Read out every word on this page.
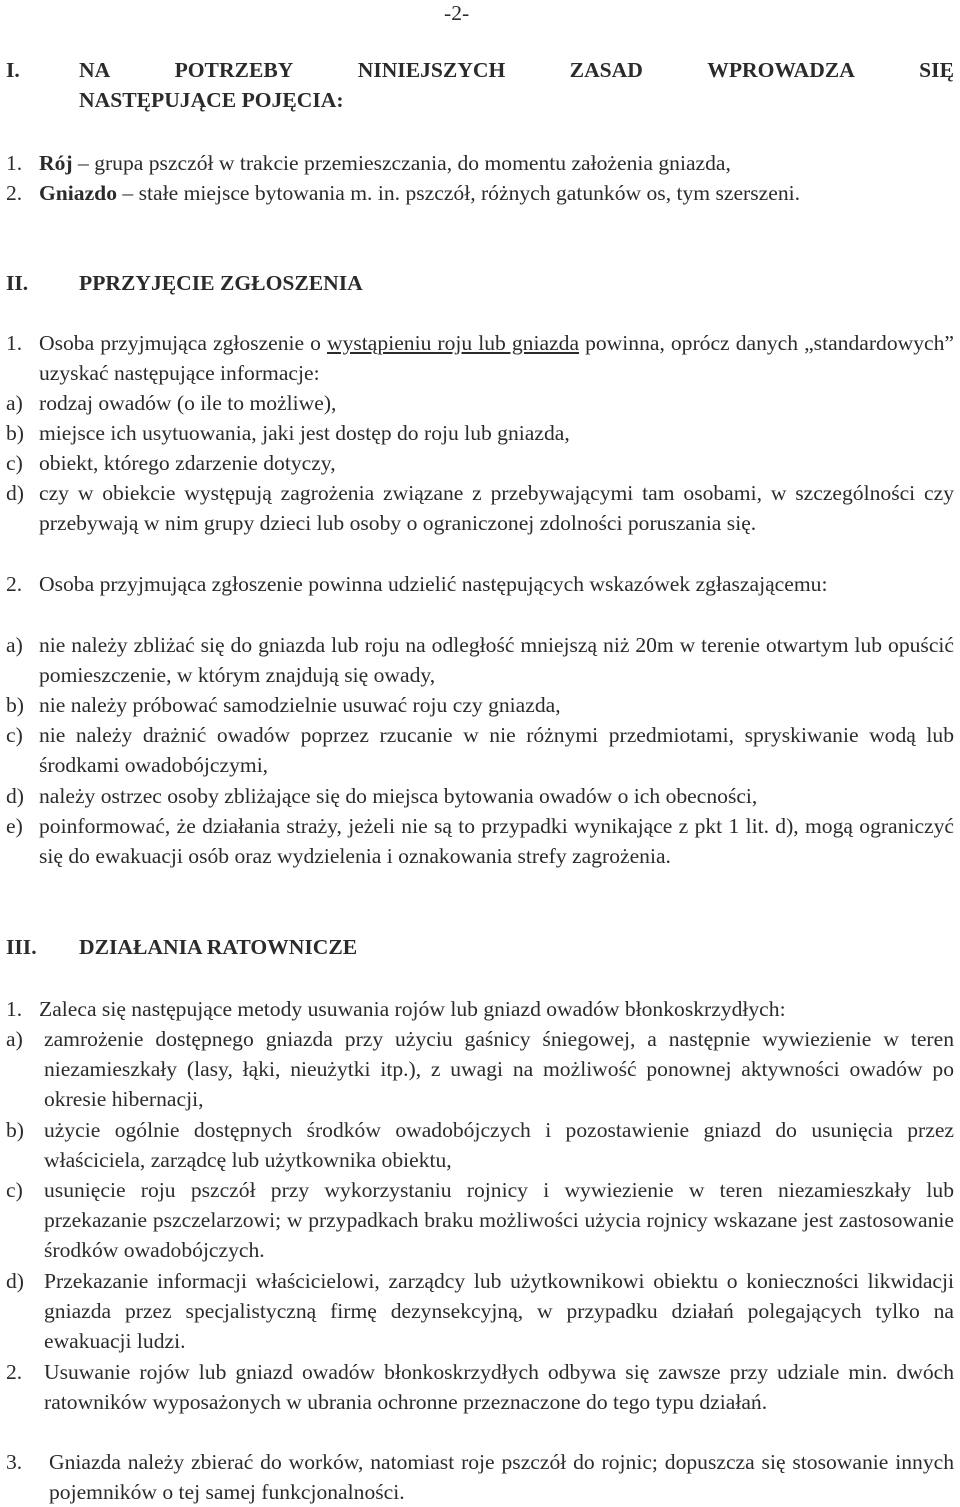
-2-
I.	NA	POTRZEBY	NINIEJSZYCH	ZASAD	WPROWADZA	SIĘ
NASTĘPUJĄCE POJĘCIA:
1. Rój – grupa pszczół w trakcie przemieszczania, do momentu założenia gniazda,
2. Gniazdo – stałe miejsce bytowania m. in. pszczół, różnych gatunków os, tym szerszeni.
II. PPRZYJĘCIE ZGŁOSZENIA
1. Osoba przyjmująca zgłoszenie o wystąpieniu roju lub gniazda powinna, oprócz danych „standardowych” uzyskać następujące informacje:
a) rodzaj owadów (o ile to możliwe),
b) miejsce ich usytuowania, jaki jest dostęp do roju lub gniazda,
c) obiekt, którego zdarzenie dotyczy,
d) czy w obiekcie występują zagrożenia związane z przebywającymi tam osobami, w szczególności czy przebywają w nim grupy dzieci lub osoby o ograniczonej zdolności poruszania się.
2. Osoba przyjmująca zgłoszenie powinna udzielić następujących wskazówek zgłaszającemu:
a) nie należy zbliżać się do gniazda lub roju na odległość mniejszą niż 20m w terenie otwartym lub opuścić pomieszczenie, w którym znajdują się owady,
b) nie należy próbować samodzielnie usuwać roju czy gniazda,
c) nie należy drażnić owadów poprzez rzucanie w nie różnymi przedmiotami, spryskiwanie wodą lub środkami owadobójczymi,
d) należy ostrzec osoby zbliżające się do miejsca bytowania owadów o ich obecności,
e) poinformować, że działania straży, jeżeli nie są to przypadki wynikające z pkt 1 lit. d), mogą ograniczyć się do ewakuacji osób oraz wydzielenia i oznakowania strefy zagrożenia.
III. DZIAŁANIA RATOWNICZE
1. Zaleca się następujące metody usuwania rojów lub gniazd owadów błonkoskrzydłych:
a) zamrożenie dostępnego gniazda przy użyciu gaśnicy śniegowej, a następnie wywiezienie w teren niezamieszkały (lasy, łąki, nieużytki itp.), z uwagi na możliwość ponownej aktywności owadów po okresie hibernacji,
b) użycie ogólnie dostępnych środków owadobójczych i pozostawienie gniazd do usunięcia przez właściciela, zarządcę lub użytkownika obiektu,
c) usunięcie roju pszczół przy wykorzystaniu rojnicy i wywiezienie w teren niezamieszkały lub przekazanie pszczelarzowi; w przypadkach braku możliwości użycia rojnicy wskazane jest zastosowanie środków owadobójczych.
d) Przekazanie informacji właścicielowi, zarządcy lub użytkownikowi obiektu o konieczności likwidacji gniazda przez specjalistyczną firmę dezynsekcyjną, w przypadku działań polegających tylko na ewakuacji ludzi.
2. Usuwanie rojów lub gniazd owadów błonkoskrzydłych odbywa się zawsze przy udziale min. dwóch ratowników wyposażonych w ubrania ochronne przeznaczone do tego typu działań.
3. Gniazda należy zbierać do worków, natomiast roje pszczół do rojnic; dopuszcza się stosowanie innych pojemników o tej samej funkcjonalności.
